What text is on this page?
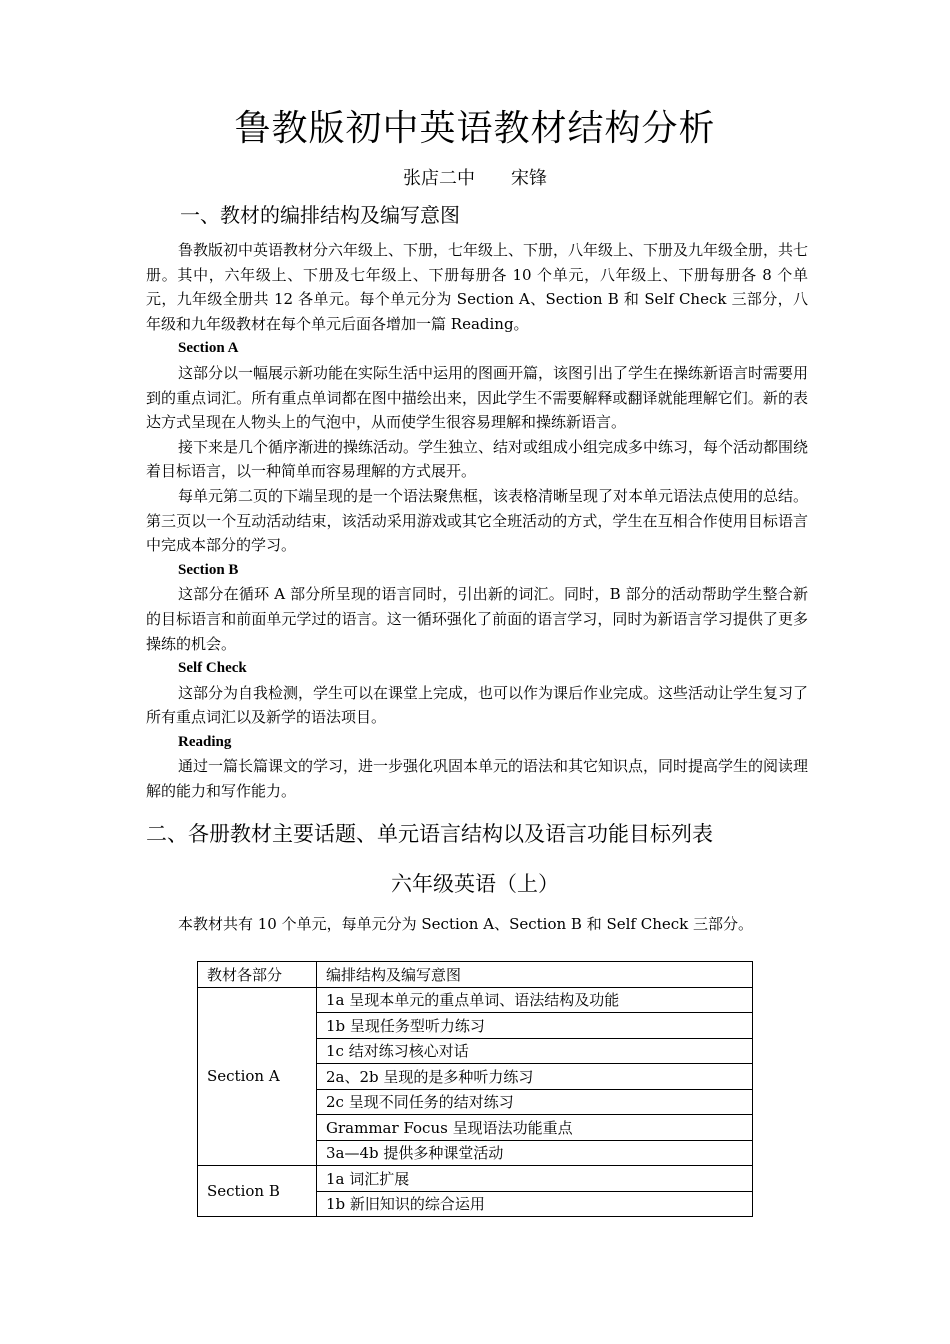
鲁教版初中英语教材结构分析
张店二中　　宋锋
一、教材的编排结构及编写意图

鲁教版初中英语教材分六年级上、下册，七年级上、下册，八年级上、下册及九年级全册，共七册。其中，六年级上、下册及七年级上、下册每册各 10 个单元，八年级上、下册每册各 8 个单元，九年级全册共 12 各单元。每个单元分为 Section A、Section B 和 Self Check 三部分，八年级和九年级教材在每个单元后面各增加一篇 Reading。

Section A

这部分以一幅展示新功能在实际生活中运用的图画开篇，该图引出了学生在操练新语言时需要用到的重点词汇。所有重点单词都在图中描绘出来，因此学生不需要解释或翻译就能理解它们。新的表达方式呈现在人物头上的气泡中，从而使学生很容易理解和操练新语言。

接下来是几个循序渐进的操练活动。学生独立、结对或组成小组完成多中练习，每个活动都围绕着目标语言，以一种简单而容易理解的方式展开。

每单元第二页的下端呈现的是一个语法聚焦框，该表格清晰呈现了对本单元语法点使用的总结。第三页以一个互动活动结束，该活动采用游戏或其它全班活动的方式，学生在互相合作使用目标语言中完成本部分的学习。

Section B

这部分在循环 A 部分所呈现的语言同时，引出新的词汇。同时，B 部分的活动帮助学生整合新的目标语言和前面单元学过的语言。这一循环强化了前面的语言学习，同时为新语言学习提供了更多操练的机会。

Self Check

这部分为自我检测，学生可以在课堂上完成，也可以作为课后作业完成。这些活动让学生复习了所有重点词汇以及新学的语法项目。

Reading

通过一篇长篇课文的学习，进一步强化巩固本单元的语法和其它知识点，同时提高学生的阅读理解的能力和写作能力。

二、各册教材主要话题、单元语言结构以及语言功能目标列表
六年级英语（上）
本教材共有 10 个单元，每单元分为 Section A、Section B 和 Self Check 三部分。
教材各部分	编排结构及编写意图
Section A	1a 呈现本单元的重点单词、语法结构及功能
	1b 呈现任务型听力练习
	1c 结对练习核心对话
	2a、2b 呈现的是多种听力练习
	2c 呈现不同任务的结对练习
	Grammar Focus 呈现语法功能重点
	3a—4b 提供多种课堂活动
Section B	1a 词汇扩展
	1b 新旧知识的综合运用
